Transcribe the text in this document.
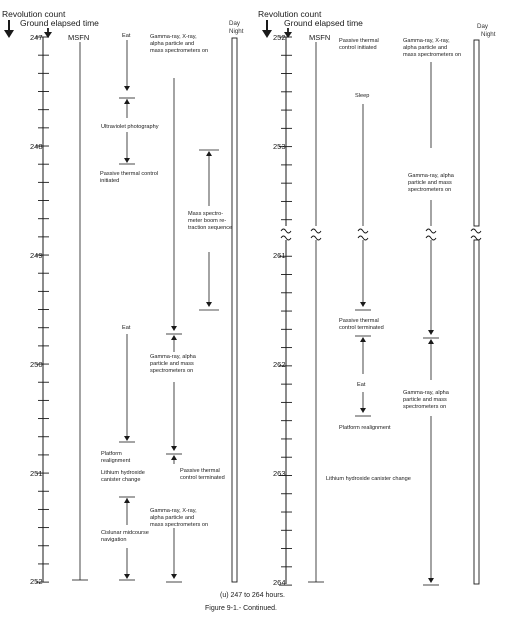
Revolution count
Ground elapsed time	Day
Night
247	MSFN
248
249
250
251
252
Eat	Gamma-ray, X-ray,
alpha particle and
mass spectrometers on
Ultraviolet photography
Passive thermal control
initiated
Mass spectro-
meter boom re-
traction sequence
Eat
Gamma-ray, alpha
particle and mass
spectrometers on
Platform
realignment
Lithium hydroxide
canister change
Passive thermal
control terminated
Cislunar midcourse
navigation
Gamma-ray, X-ray,
alpha particle and
mass spectrometers on
Revolution count
Ground elapsed time	Day
Night
252	MSFN
253
261
262
263
264
Passive thermal
control initiated
Gamma-ray, X-ray,
alpha particle and
mass spectrometers on
Sleep
Gamma-ray, alpha
particle and mass
spectrometers on
Passive thermal
control terminated
Eat
Gamma-ray, alpha
particle and mass
spectrometers on
Platform realignment
Lithium hydroxide canister change
(u) 247 to 264 hours.
Figure 9-1.- Continued.
